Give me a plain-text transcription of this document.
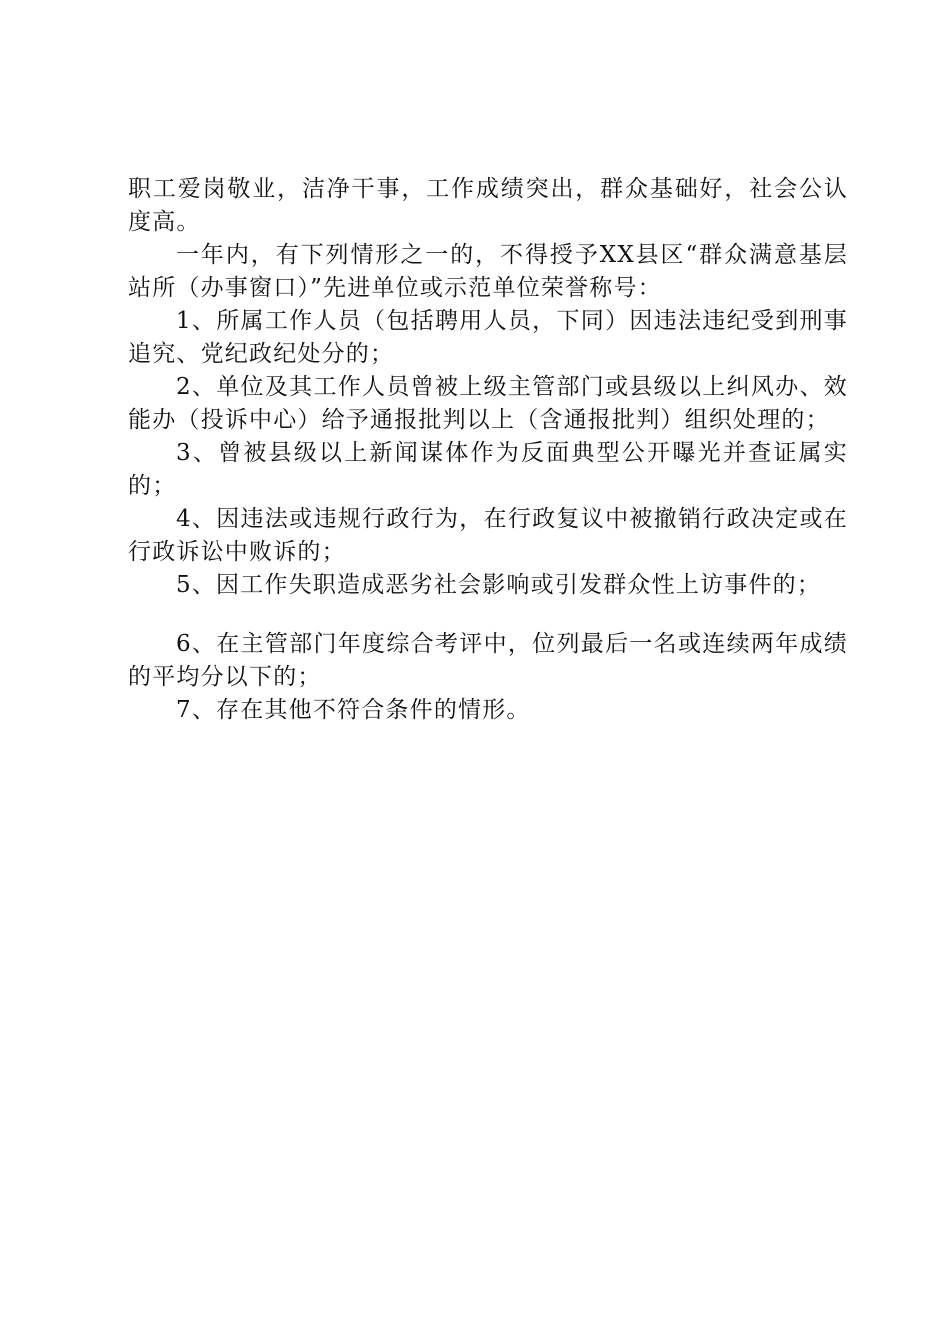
职工爱岗敬业，洁净干事，工作成绩突出，群众基础好，社会公认度高。

一年内，有下列情形之一的，不得授予XX县区“群众满意基层站所（办事窗口）”先进单位或示范单位荣誉称号：

1、所属工作人员（包括聘用人员，下同）因违法违纪受到刑事追究、党纪政纪处分的；

2、单位及其工作人员曾被上级主管部门或县级以上纠风办、效能办（投诉中心）给予通报批判以上（含通报批判）组织处理的；

3、曾被县级以上新闻谋体作为反面典型公开曝光并查证属实的；

4、因违法或违规行政行为，在行政复议中被撤销行政决定或在行政诉讼中败诉的；

5、因工作失职造成恶劣社会影响或引发群众性上访事件的；

6、在主管部门年度综合考评中，位列最后一名或连续两年成绩的平均分以下的；

7、存在其他不符合条件的情形。
